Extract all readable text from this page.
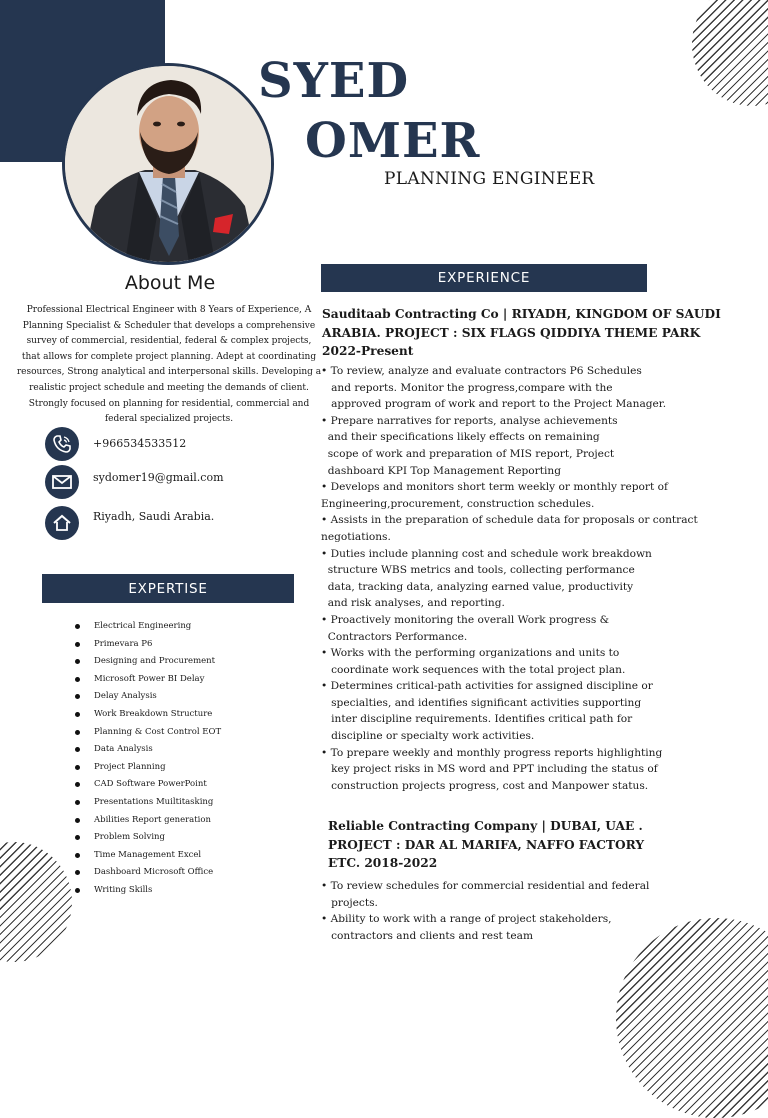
SYED
OMER
PLANNING ENGINEER
About Me
Professional Electrical Engineer with 8 Years of Experience, A
Planning Specialist & Scheduler that develops a comprehensive
survey of commercial, residential, federal & complex projects,
that allows for complete project planning. Adept at coordinating
resources, Strong analytical and interpersonal skills. Developing a
realistic project schedule and meeting the demands of client.
Strongly focused on planning for residential, commercial and
federal specialized projects.
+966534533512
sydomer19@gmail.com
Riyadh, Saudi Arabia.
EXPERTISE
Electrical Engineering
Primevara P6
Designing and Procurement
Microsoft Power BI Delay
Delay Analysis
Work Breakdown Structure
Planning & Cost Control EOT
Data Analysis
Project Planning
CAD Software PowerPoint
Presentations Muiltitasking
Abilities Report generation
Problem Solving
Time Management Excel
Dashboard Microsoft Office
Writing Skills
EXPERIENCE
Sauditaab Contracting Co | RIYADH, KINGDOM OF SAUDI
ARABIA. PROJECT : SIX FLAGS QIDDIYA THEME PARK
2022-Present
• To review, analyze and evaluate contractors P6 Schedules
and reports. Monitor the progress,compare with the
approved program of work and report to the Project Manager.
• Prepare narratives for reports, analyse achievements
and their specifications likely effects on remaining
scope of work and preparation of MIS report, Project
dashboard KPI Top Management Reporting
• Develops and monitors short term weekly or monthly report of
Engineering,procurement, construction schedules.
• Assists in the preparation of schedule data for proposals or contract
negotiations.
• Duties include planning cost and schedule work breakdown
structure WBS metrics and tools, collecting performance
data, tracking data, analyzing earned value, productivity
and risk analyses, and reporting.
• Proactively monitoring the overall Work progress &
Contractors Performance.
• Works with the performing organizations and units to
coordinate work sequences with the total project plan.
• Determines critical-path activities for assigned discipline or
specialties, and identifies significant activities supporting
inter discipline requirements. Identifies critical path for
discipline or specialty work activities.
• To prepare weekly and monthly progress reports highlighting
key project risks in MS word and PPT including the status of
construction projects progress, cost and Manpower status.
Reliable Contracting Company | DUBAI, UAE .
PROJECT : DAR AL MARIFA, NAFFO FACTORY
ETC. 2018-2022
• To review schedules for commercial residential and federal
projects.
• Ability to work with a range of project stakeholders,
contractors and clients and rest team
